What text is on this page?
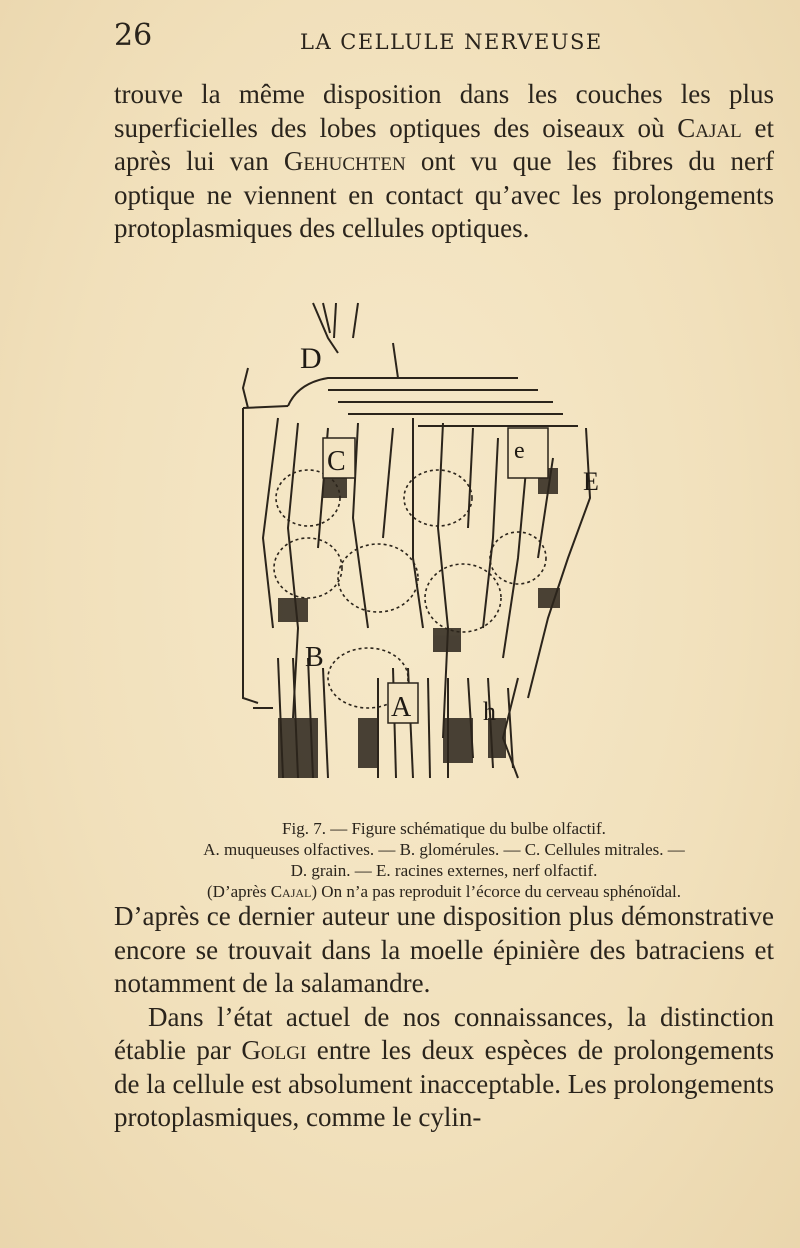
26	LA CELLULE NERVEUSE

trouve la même disposition dans les couches les plus superficielles des lobes optiques des oiseaux où Cajal et après lui van Gehuchten ont vu que les fibres du nerf optique ne viennent en contact qu’avec les prolongements protoplasmiques des cellules optiques.

D
C	e
E
B
A	h

Fig. 7. — Figure schématique du bulbe olfactif.
A. muqueuses olfactives. — B. glomérules. — C. Cellules mitrales. —
D. grain. — E. racines externes, nerf olfactif.
(D’après Cajal) On n’a pas reproduit l’écorce du cerveau sphénoïdal.

D’après ce dernier auteur une disposition plus démonstrative encore se trouvait dans la moelle épinière des batraciens et notamment de la salamandre.
Dans l’état actuel de nos connaissances, la distinction établie par Golgi entre les deux espèces de prolongements de la cellule est absolument inacceptable. Les prolongements protoplasmiques, comme le cylin-
